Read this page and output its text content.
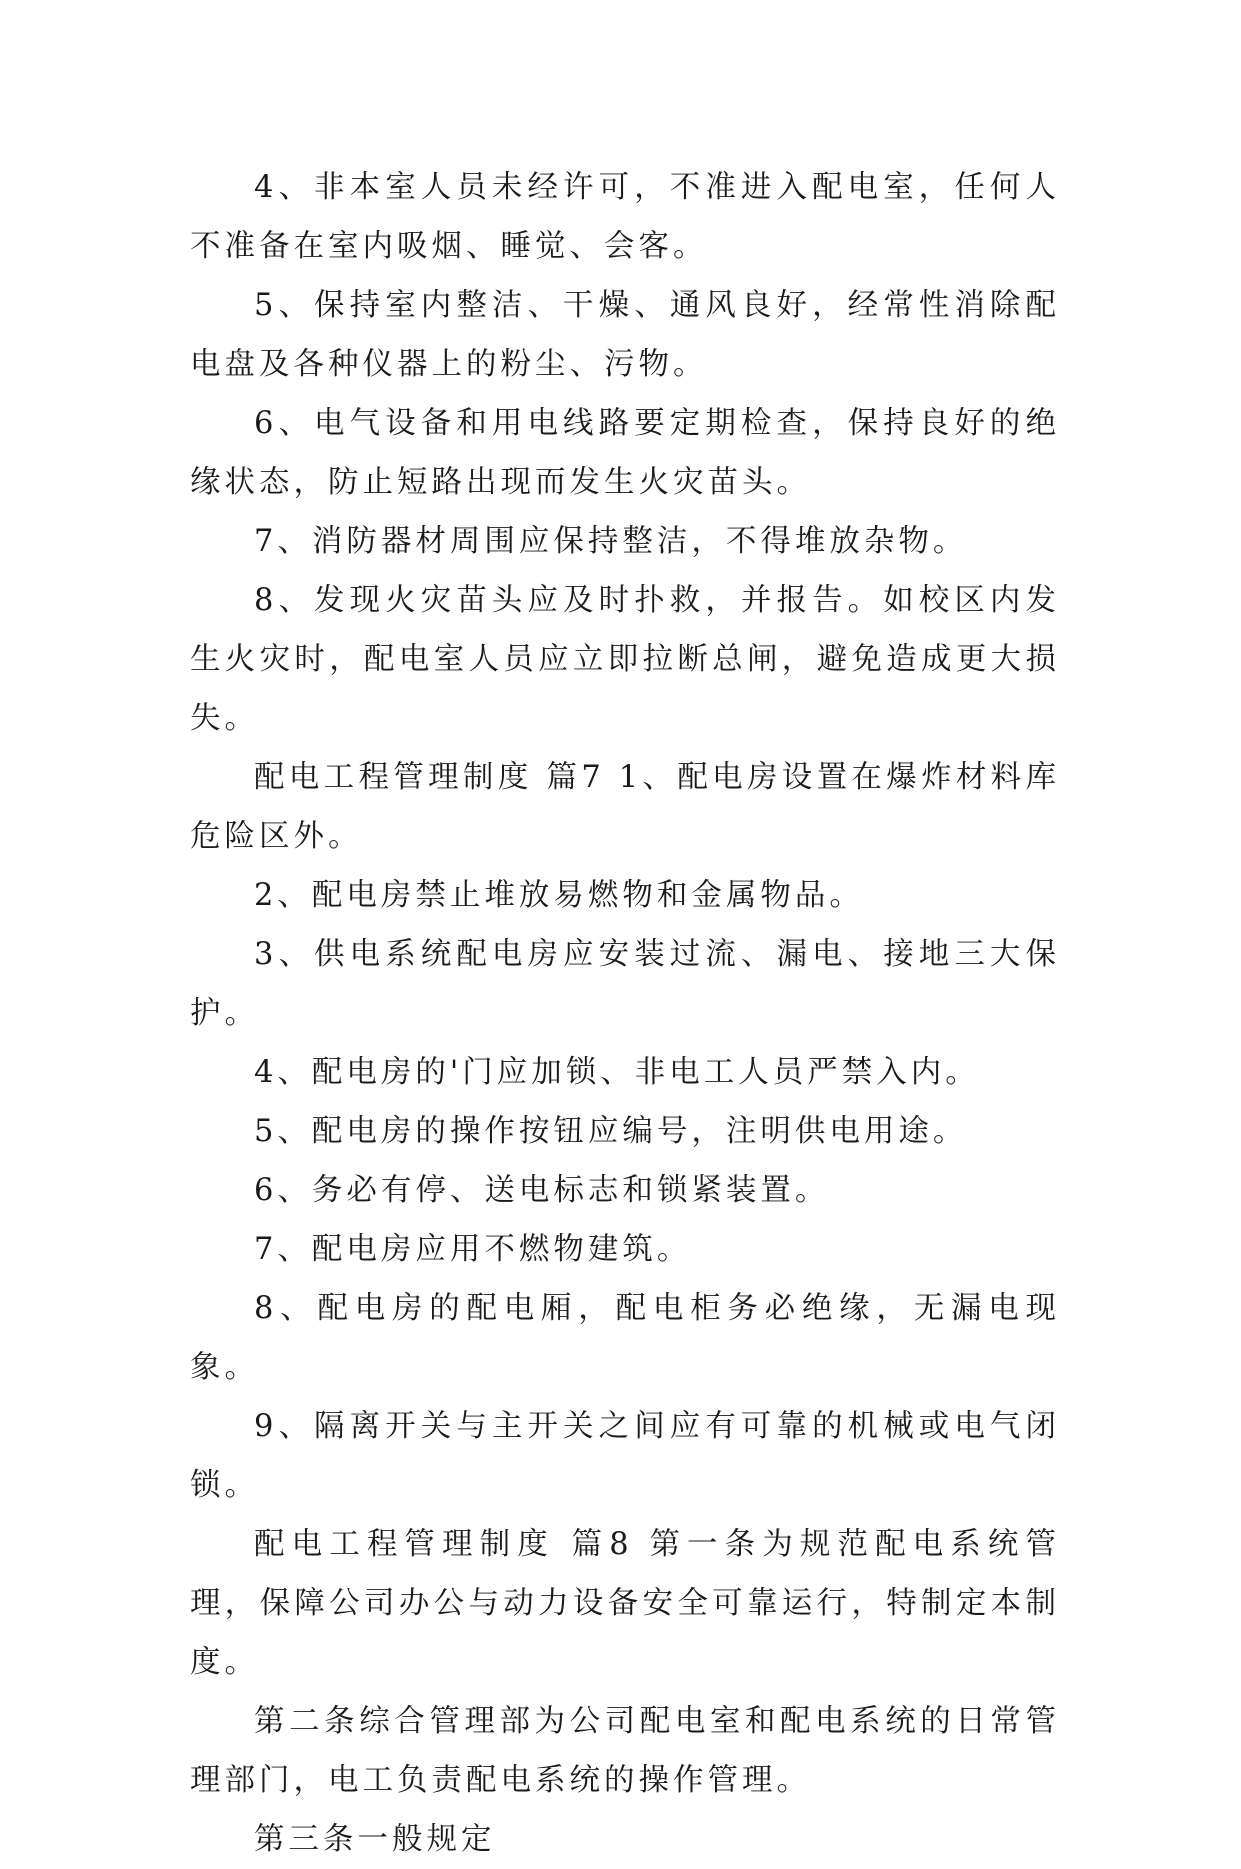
4、非本室人员未经许可，不准进入配电室，任何人不准备在室内吸烟、睡觉、会客。

5、保持室内整洁、干燥、通风良好，经常性消除配电盘及各种仪器上的粉尘、污物。

6、电气设备和用电线路要定期检查，保持良好的绝缘状态，防止短路出现而发生火灾苗头。

7、消防器材周围应保持整洁，不得堆放杂物。

8、发现火灾苗头应及时扑救，并报告。如校区内发生火灾时，配电室人员应立即拉断总闸，避免造成更大损失。

配电工程管理制度 篇7 1、配电房设置在爆炸材料库危险区外。

2、配电房禁止堆放易燃物和金属物品。

3、供电系统配电房应安装过流、漏电、接地三大保护。

4、配电房的'门应加锁、非电工人员严禁入内。

5、配电房的操作按钮应编号，注明供电用途。

6、务必有停、送电标志和锁紧装置。

7、配电房应用不燃物建筑。

8、配电房的配电厢，配电柜务必绝缘，无漏电现象。

9、隔离开关与主开关之间应有可靠的机械或电气闭锁。

配电工程管理制度 篇8 第一条为规范配电系统管理，保障公司办公与动力设备安全可靠运行，特制定本制度。

第二条综合管理部为公司配电室和配电系统的日常管理部门，电工负责配电系统的操作管理。

第三条一般规定
